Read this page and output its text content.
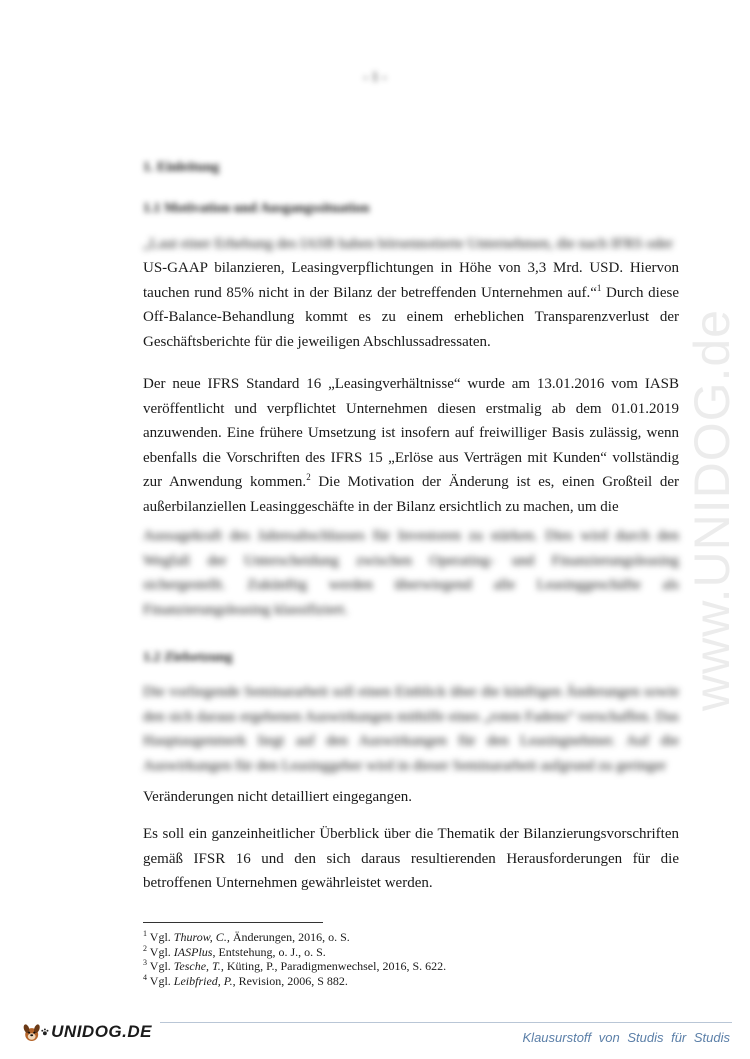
www.UNIDOG.de
- 1 -
1. Einleitung
1.1 Motivation und Ausgangssituation
„Laut einer Erhebung des IASB haben börsennotierte Unternehmen, die nach IFRS oder
US-GAAP bilanzieren, Leasingverpflichtungen in Höhe von 3,3 Mrd. USD. Hiervon
tauchen rund 85% nicht in der Bilanz der betreffenden Unternehmen auf.“$^1$ Durch diese
Off-Balance-Behandlung kommt es zu einem erheblichen Transparenzverlust der
Geschäftsberichte für die jeweiligen Abschlussadressaten.
Der neue IFRS Standard 16 „Leasingverhältnisse“ wurde am 13.01.2016 vom IASB veröffentlicht und verpflichtet Unternehmen diesen erstmalig ab dem 01.01.2019 anzuwenden. Eine frühere Umsetzung ist insofern auf freiwilliger Basis zulässig, wenn ebenfalls die Vorschriften des IFRS 15 „Erlöse aus Verträgen mit Kunden“ vollständig zur Anwendung kommen.$^2$ Die Motivation der Änderung ist es, einen Großteil der außerbilanziellen Leasinggeschäfte in der Bilanz ersichtlich zu machen, um die
Aussagekraft des Jahresabschlusses für Investoren zu stärken. Dies wird durch den Wegfall der Unterscheidung zwischen Operating- und Finanzierungsleasing sichergestellt. Zukünftig werden überwiegend alle Leasinggeschäfte als Finanzierungsleasing klassifiziert.
1.2 Zielsetzung
Die vorliegende Seminararbeit soll einen Einblick über die künftigen Änderungen sowie den sich daraus ergebenen Auswirkungen mithilfe eines „roten Fadens“ verschaffen. Das Hauptaugenmerk liegt auf den Auswirkungen für den Leasingnehmer. Auf die Auswirkungen für den Leasinggeber wird in dieser Seminararbeit aufgrund zu geringer
Veränderungen nicht detailliert eingegangen.
Es soll ein ganzeinheitlicher Überblick über die Thematik der Bilanzierungsvorschriften gemäß IFSR 16 und den sich daraus resultierenden Herausforderungen für die betroffenen Unternehmen gewährleistet werden.
$^1$ Vgl. Thurow, C., Änderungen, 2016, o. S.
$^2$ Vgl. IASPlus, Entstehung, o. J., o. S.
$^3$ Vgl. Tesche, T., Küting, P., Paradigmenwechsel, 2016, S. 622.
$^4$ Vgl. Leibfried, P., Revision, 2006, S 882.
UNIDOG.DE	Klausurstoff von Studis für Studis
